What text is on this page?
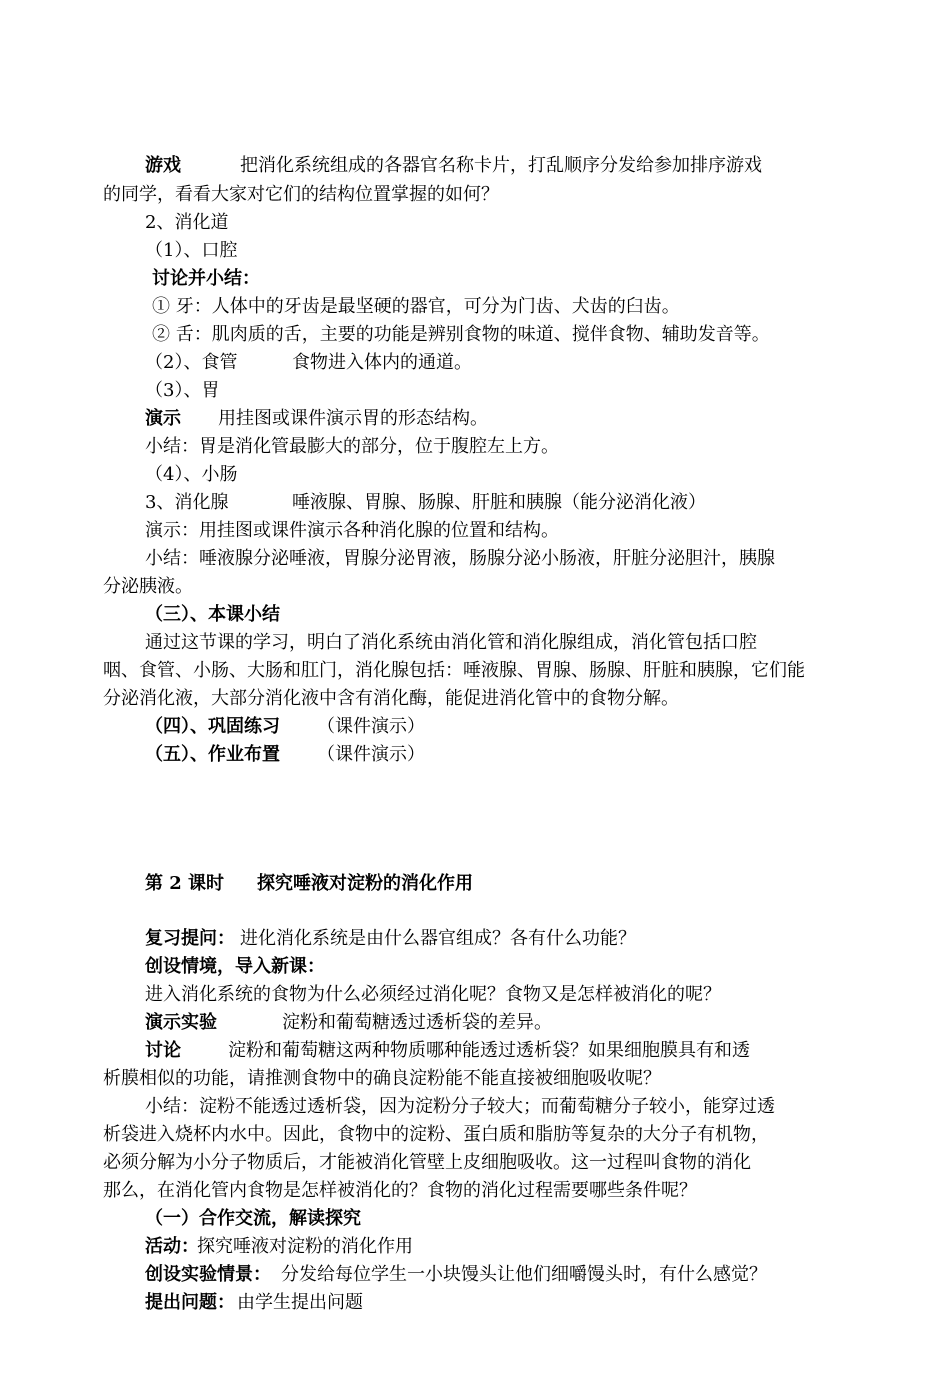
游戏	把消化系统组成的各器官名称卡片，打乱顺序分发给参加排序游戏
的同学，看看大家对它们的结构位置掌握的如何？
2、消化道
（1）、口腔
讨论并小结：
① 牙：人体中的牙齿是最坚硬的器官，可分为门齿、犬齿的臼齿。
② 舌：肌肉质的舌，主要的功能是辨别食物的味道、搅伴食物、辅助发音等。
（2）、食管	食物进入体内的通道。
（3）、胃
演示 用挂图或课件演示胃的形态结构。
小结：胃是消化管最膨大的部分，位于腹腔左上方。
（4）、小肠
3、消化腺	唾液腺、胃腺、肠腺、肝脏和胰腺（能分泌消化液）
演示：用挂图或课件演示各种消化腺的位置和结构。
小结：唾液腺分泌唾液，胃腺分泌胃液，肠腺分泌小肠液，肝脏分泌胆汁，胰腺
分泌胰液。
（三）、本课小结
通过这节课的学习，明白了消化系统由消化管和消化腺组成，消化管包括口腔
咽、食管、小肠、大肠和肛门，消化腺包括：唾液腺、胃腺、肠腺、肝脏和胰腺，它们能
分泌消化液，大部分消化液中含有消化酶，能促进消化管中的食物分解。
（四）、巩固练习 （课件演示）
（五）、作业布置 （课件演示）
第 2 课时 探究唾液对淀粉的消化作用
复习提问： 进化消化系统是由什么器官组成？各有什么功能？
创设情境，导入新课：
进入消化系统的食物为什么必须经过消化呢？食物又是怎样被消化的呢？
演示实验	淀粉和葡萄糖透过透析袋的差异。
讨论	淀粉和葡萄糖这两种物质哪种能透过透析袋？如果细胞膜具有和透
析膜相似的功能，请推测食物中的确良淀粉能不能直接被细胞吸收呢？
小结：淀粉不能透过透析袋，因为淀粉分子较大；而葡萄糖分子较小，能穿过透
析袋进入烧杯内水中。因此，食物中的淀粉、蛋白质和脂肪等复杂的大分子有机物，
必须分解为小分子物质后，才能被消化管壁上皮细胞吸收。这一过程叫食物的消化
那么，在消化管内食物是怎样被消化的？食物的消化过程需要哪些条件呢？
（一）合作交流，解读探究
活动：
探究唾液对淀粉的消化作用
创设实验情景： 分发给每位学生一小块馒头让他们细嚼馒头时，有什么感觉？
提出问题： 由学生提出问题
